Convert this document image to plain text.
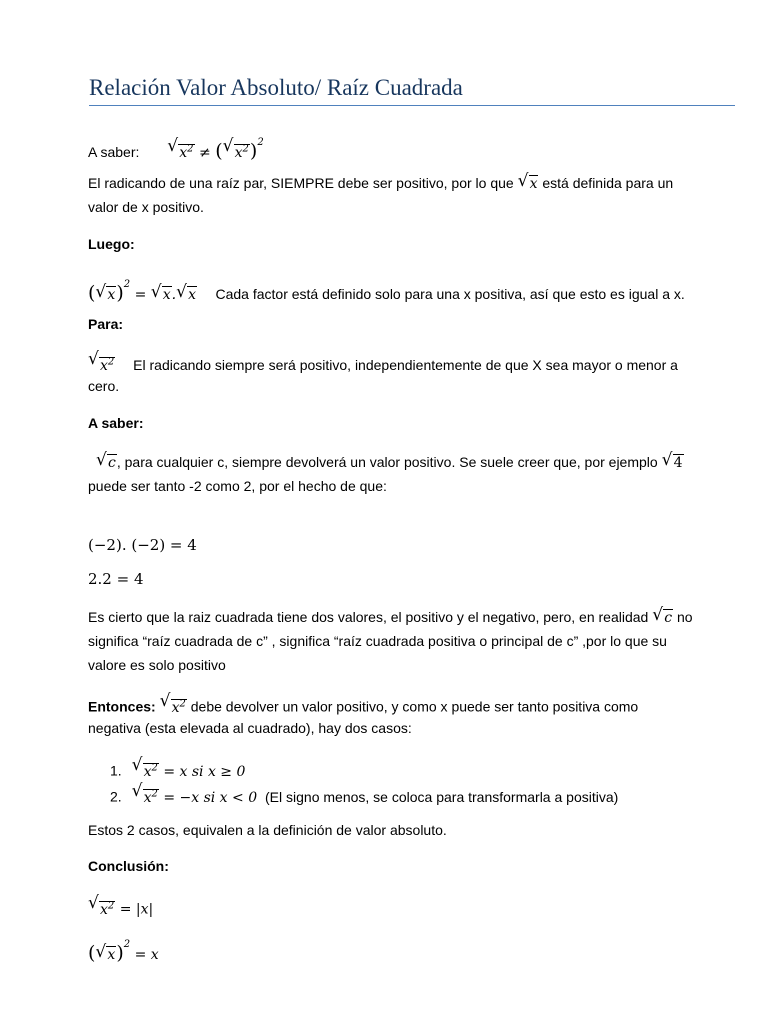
Relación Valor Absoluto/ Raíz Cuadrada
A saber: √ $x^2$ ≠ ( √ $x^2)^2$
El radicando de una raíz par, SIEMPRE debe ser positivo, por lo que √ x está definida para un
valor de x positivo.
Luego:
( √ x)$^2$ = √ x. √ x Cada factor está definido solo para una x positiva, así que esto es igual a x.
Para:
√ $x^2$ El radicando siempre será positivo, independientemente de que X sea mayor o menor a
cero.
A saber:
√ c, para cualquier c, siempre devolverá un valor positivo. Se suele creer que, por ejemplo √ 4
puede ser tanto -2 como 2, por el hecho de que:
(−2). (−2) = 4
2.2 = 4
Es cierto que la raiz cuadrada tiene dos valores, el positivo y el negativo, pero, en realidad √ c no
significa “raíz cuadrada de c” , significa “raíz cuadrada positiva o principal de c” ,por lo que su
valore es solo positivo
Entonces: √ $x^2$ debe devolver un valor positivo, y como x puede ser tanto positiva como
negativa (esta elevada al cuadrado), hay dos casos:
1. √ $x^2 = x$ si x ≥ 0
2. √ $x^2 = -x$ si x < 0 (El signo menos, se coloca para transformarla a positiva)
Estos 2 casos, equivalen a la definición de valor absoluto.
Conclusión:
√ $x^2 = |x|$
( √ x)$^2$ = x
